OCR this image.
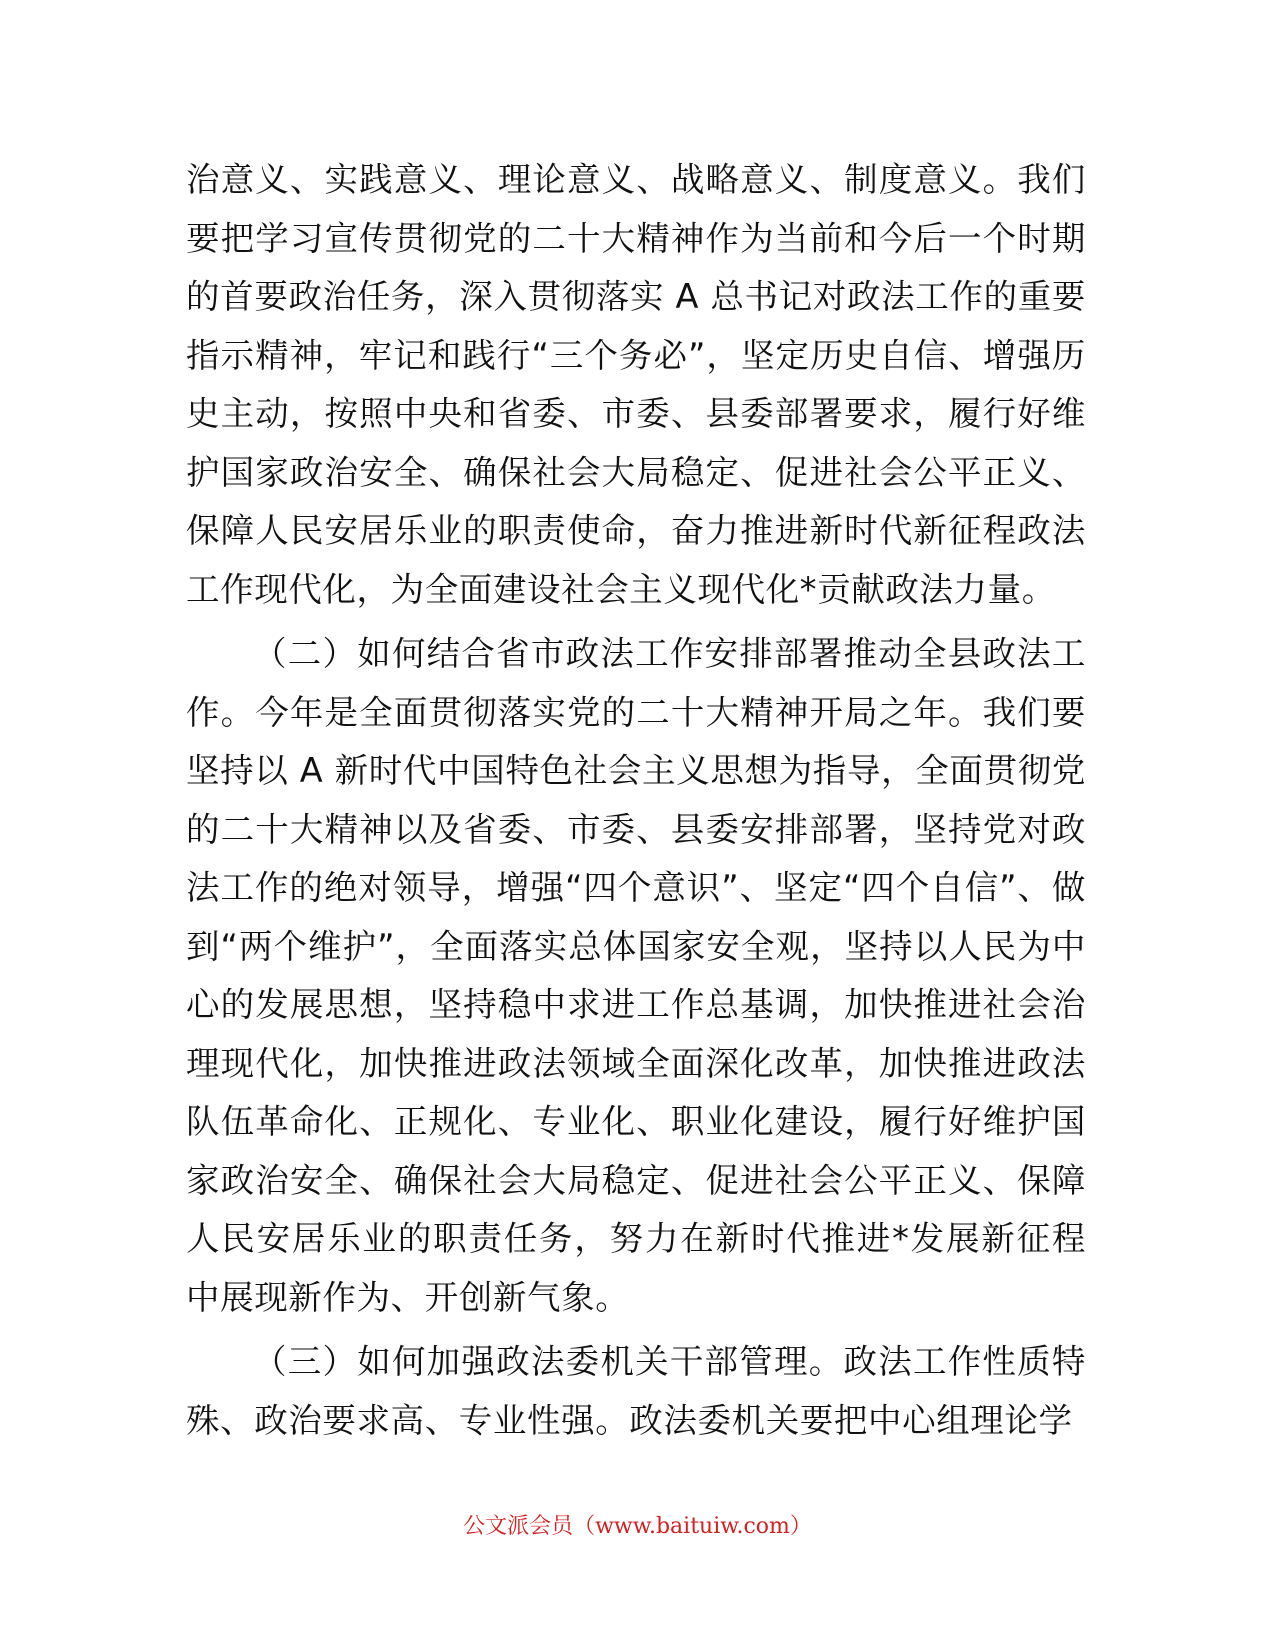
治意义、实践意义、理论意义、战略意义、制度意义。我们要把学习宣传贯彻党的二十大精神作为当前和今后一个时期的首要政治任务，深入贯彻落实 A 总书记对政法工作的重要指示精神，牢记和践行“三个务必”，坚定历史自信、增强历史主动，按照中央和省委、市委、县委部署要求，履行好维护国家政治安全、确保社会大局稳定、促进社会公平正义、保障人民安居乐业的职责使命，奋力推进新时代新征程政法工作现代化，为全面建设社会主义现代化*贡献政法力量。

（二）如何结合省市政法工作安排部署推动全县政法工作。今年是全面贯彻落实党的二十大精神开局之年。我们要坚持以 A 新时代中国特色社会主义思想为指导，全面贯彻党的二十大精神以及省委、市委、县委安排部署，坚持党对政法工作的绝对领导，增强“四个意识”、坚定“四个自信”、做到“两个维护”，全面落实总体国家安全观，坚持以人民为中心的发展思想，坚持稳中求进工作总基调，加快推进社会治理现代化，加快推进政法领域全面深化改革，加快推进政法队伍革命化、正规化、专业化、职业化建设，履行好维护国家政治安全、确保社会大局稳定、促进社会公平正义、保障人民安居乐业的职责任务，努力在新时代推进*发展新征程中展现新作为、开创新气象。

（三）如何加强政法委机关干部管理。政法工作性质特殊、政治要求高、专业性强。政法委机关要把中心组理论学

公文派会员（www.baituiw.com）
